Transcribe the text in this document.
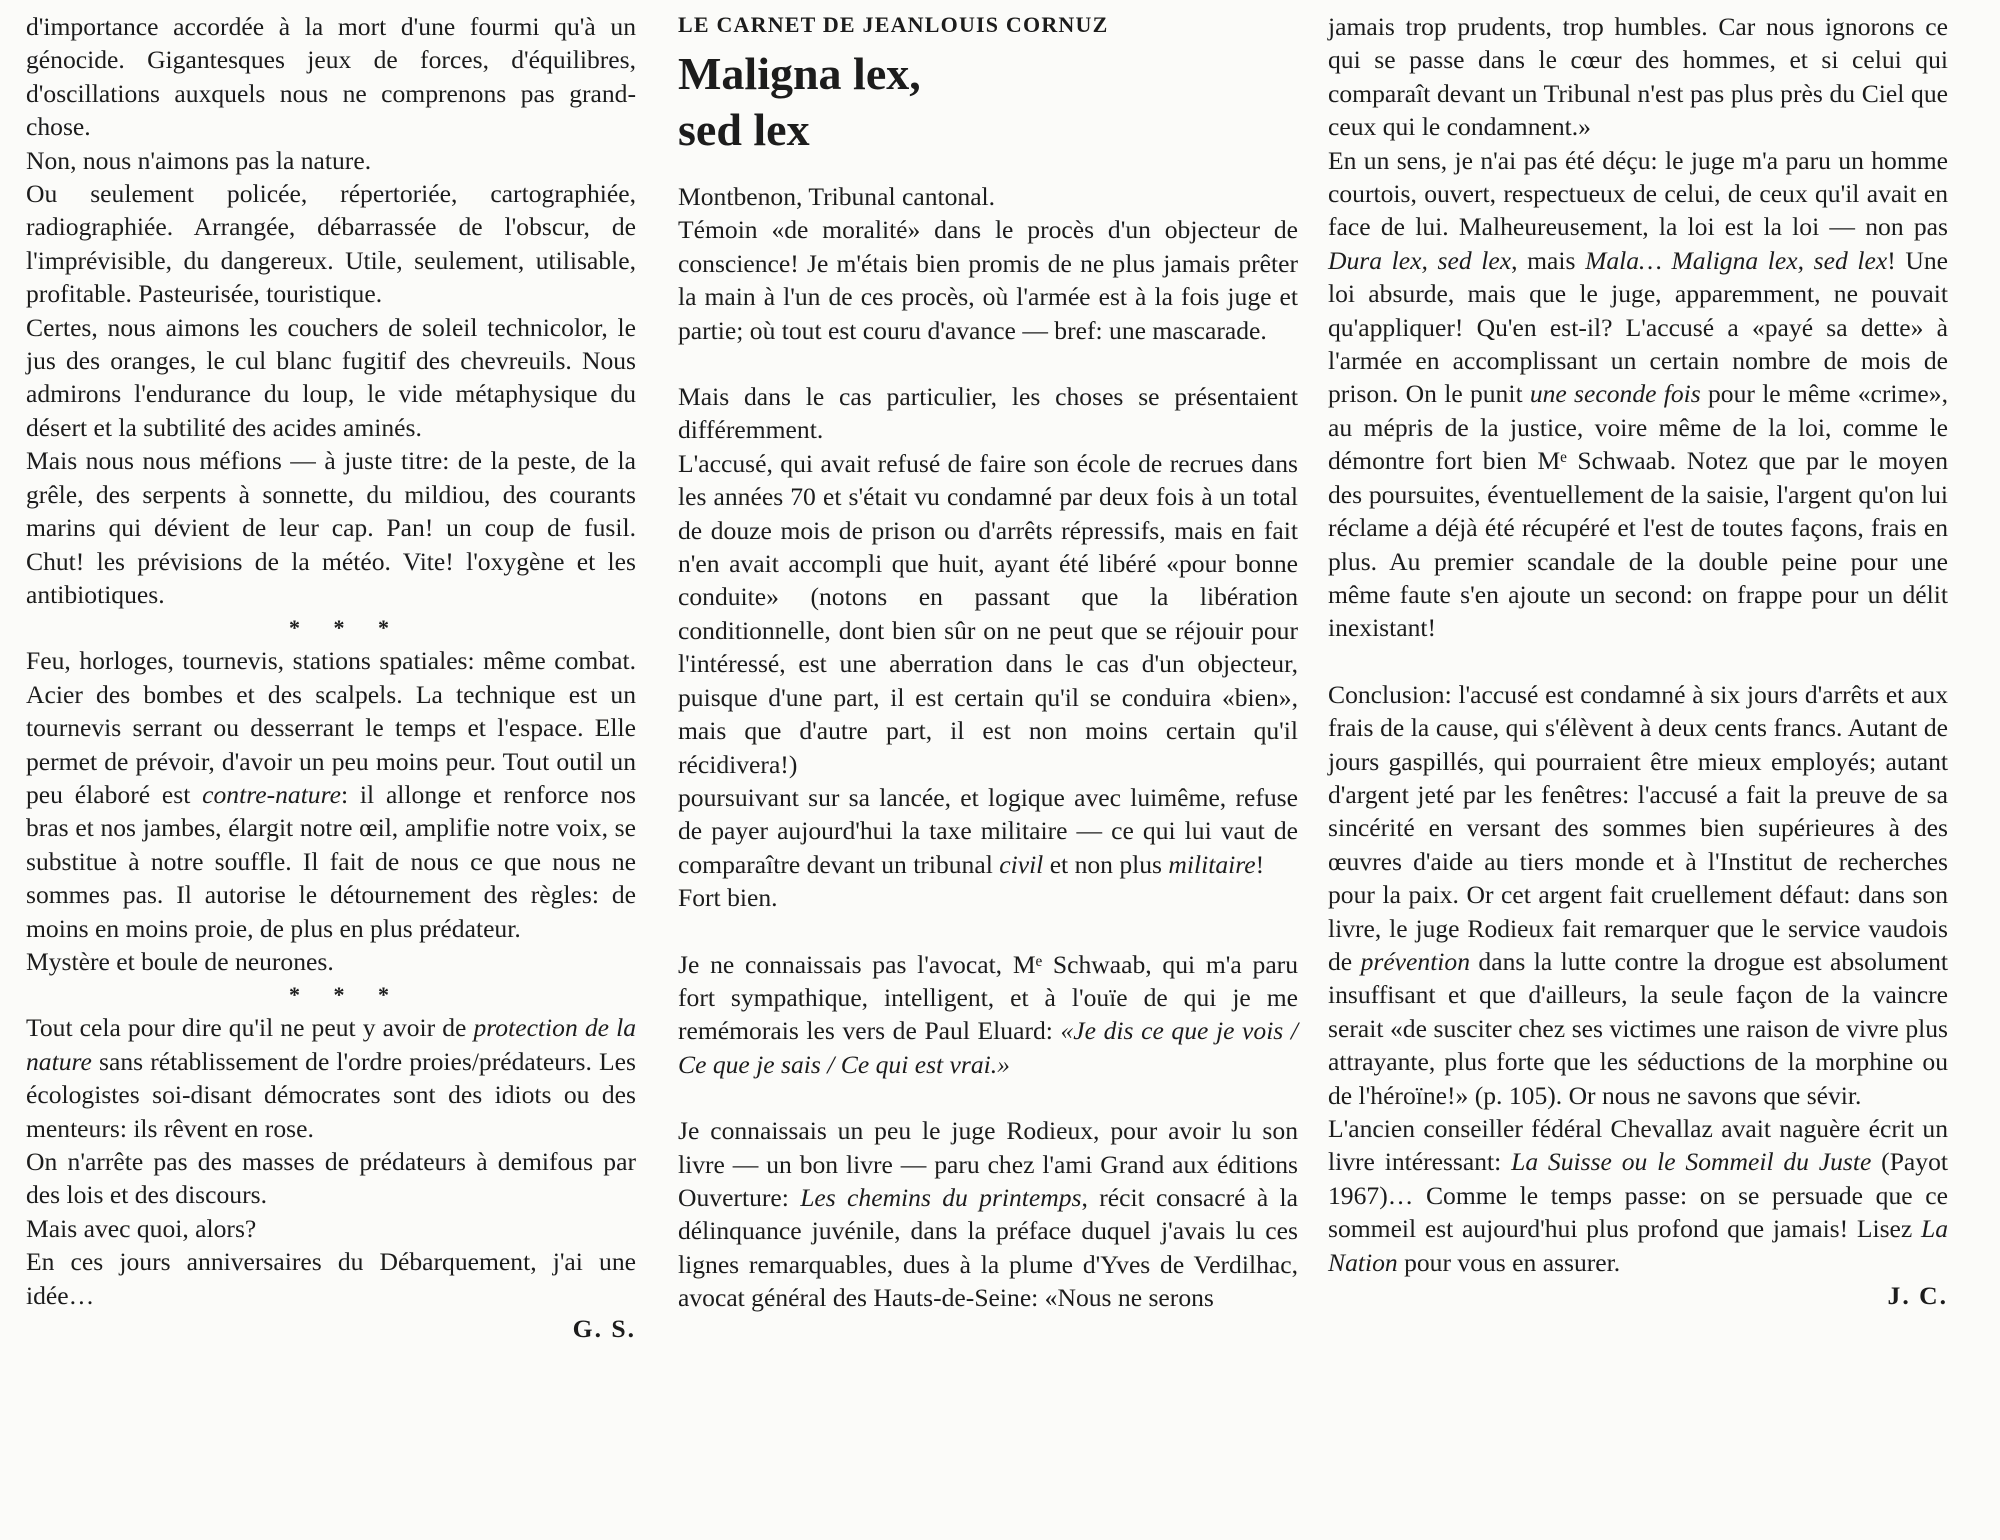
d'importance accordée à la mort d'une fourmi qu'à un génocide. Gigantesques jeux de forces, d'équilibres, d'oscillations auxquels nous ne comprenons pas grand-chose.

Non, nous n'aimons pas la nature.

Ou seulement policée, répertoriée, cartographiée, radiographiée. Arrangée, débarrassée de l'obscur, de l'imprévisible, du dangereux. Utile, seulement, utilisable, profitable. Pasteurisée, touristique.

Certes, nous aimons les couchers de soleil technicolor, le jus des oranges, le cul blanc fugitif des chevreuils. Nous admirons l'endurance du loup, le vide métaphysique du désert et la subtilité des acides aminés.

Mais nous nous méfions — à juste titre: de la peste, de la grêle, des serpents à sonnette, du mildiou, des courants marins qui dévient de leur cap. Pan! un coup de fusil. Chut! les prévisions de la météo. Vite! l'oxygène et les antibiotiques.

* * *

Feu, horloges, tournevis, stations spatiales: même combat. Acier des bombes et des scalpels. La technique est un tournevis serrant ou desserrant le temps et l'espace. Elle permet de prévoir, d'avoir un peu moins peur. Tout outil un peu élaboré est contre-nature: il allonge et renforce nos bras et nos jambes, élargit notre œil, amplifie notre voix, se substitue à notre souffle. Il fait de nous ce que nous ne sommes pas. Il autorise le détournement des règles: de moins en moins proie, de plus en plus prédateur.

Mystère et boule de neurones.

* * *

Tout cela pour dire qu'il ne peut y avoir de protection de la nature sans rétablissement de l'ordre proies/prédateurs. Les écologistes soi-disant démocrates sont des idiots ou des menteurs: ils rêvent en rose.

On n'arrête pas des masses de prédateurs à demifous par des lois et des discours.

Mais avec quoi, alors?

En ces jours anniversaires du Débarquement, j'ai une idée…

G. S.

LE CARNET DE JEANLOUIS CORNUZ
Maligna lex,
sed lex

Montbenon, Tribunal cantonal.

Témoin «de moralité» dans le procès d'un objecteur de conscience! Je m'étais bien promis de ne plus jamais prêter la main à l'un de ces procès, où l'armée est à la fois juge et partie; où tout est couru d'avance — bref: une mascarade.

Mais dans le cas particulier, les choses se présentaient différemment.

L'accusé, qui avait refusé de faire son école de recrues dans les années 70 et s'était vu condamné par deux fois à un total de douze mois de prison ou d'arrêts répressifs, mais en fait n'en avait accompli que huit, ayant été libéré «pour bonne conduite» (notons en passant que la libération conditionnelle, dont bien sûr on ne peut que se réjouir pour l'intéressé, est une aberration dans le cas d'un objecteur, puisque d'une part, il est certain qu'il se conduira «bien», mais que d'autre part, il est non moins certain qu'il récidivera!)

poursuivant sur sa lancée, et logique avec luimême, refuse de payer aujourd'hui la taxe militaire — ce qui lui vaut de comparaître devant un tribunal civil et non plus militaire!

Fort bien.

Je ne connaissais pas l'avocat, Mᵉ Schwaab, qui m'a paru fort sympathique, intelligent, et à l'ouïe de qui je me remémorais les vers de Paul Eluard: «Je dis ce que je vois / Ce que je sais / Ce qui est vrai.»

Je connaissais un peu le juge Rodieux, pour avoir lu son livre — un bon livre — paru chez l'ami Grand aux éditions Ouverture: Les chemins du printemps, récit consacré à la délinquance juvénile, dans la préface duquel j'avais lu ces lignes remarquables, dues à la plume d'Yves de Verdilhac, avocat général des Hauts-de-Seine: «Nous ne serons

jamais trop prudents, trop humbles. Car nous ignorons ce qui se passe dans le cœur des hommes, et si celui qui comparaît devant un Tribunal n'est pas plus près du Ciel que ceux qui le condamnent.»

En un sens, je n'ai pas été déçu: le juge m'a paru un homme courtois, ouvert, respectueux de celui, de ceux qu'il avait en face de lui. Malheureusement, la loi est la loi — non pas Dura lex, sed lex, mais Mala… Maligna lex, sed lex! Une loi absurde, mais que le juge, apparemment, ne pouvait qu'appliquer! Qu'en est-il? L'accusé a «payé sa dette» à l'armée en accomplissant un certain nombre de mois de prison. On le punit une seconde fois pour le même «crime», au mépris de la justice, voire même de la loi, comme le démontre fort bien Mᵉ Schwaab. Notez que par le moyen des poursuites, éventuellement de la saisie, l'argent qu'on lui réclame a déjà été récupéré et l'est de toutes façons, frais en plus. Au premier scandale de la double peine pour une même faute s'en ajoute un second: on frappe pour un délit inexistant!

Conclusion: l'accusé est condamné à six jours d'arrêts et aux frais de la cause, qui s'élèvent à deux cents francs. Autant de jours gaspillés, qui pourraient être mieux employés; autant d'argent jeté par les fenêtres: l'accusé a fait la preuve de sa sincérité en versant des sommes bien supérieures à des œuvres d'aide au tiers monde et à l'Institut de recherches pour la paix. Or cet argent fait cruellement défaut: dans son livre, le juge Rodieux fait remarquer que le service vaudois de prévention dans la lutte contre la drogue est absolument insuffisant et que d'ailleurs, la seule façon de la vaincre serait «de susciter chez ses victimes une raison de vivre plus attrayante, plus forte que les séductions de la morphine ou de l'héroïne!» (p. 105). Or nous ne savons que sévir.

L'ancien conseiller fédéral Chevallaz avait naguère écrit un livre intéressant: La Suisse ou le Sommeil du Juste (Payot 1967)… Comme le temps passe: on se persuade que ce sommeil est aujourd'hui plus profond que jamais! Lisez La Nation pour vous en assurer.

J. C.
